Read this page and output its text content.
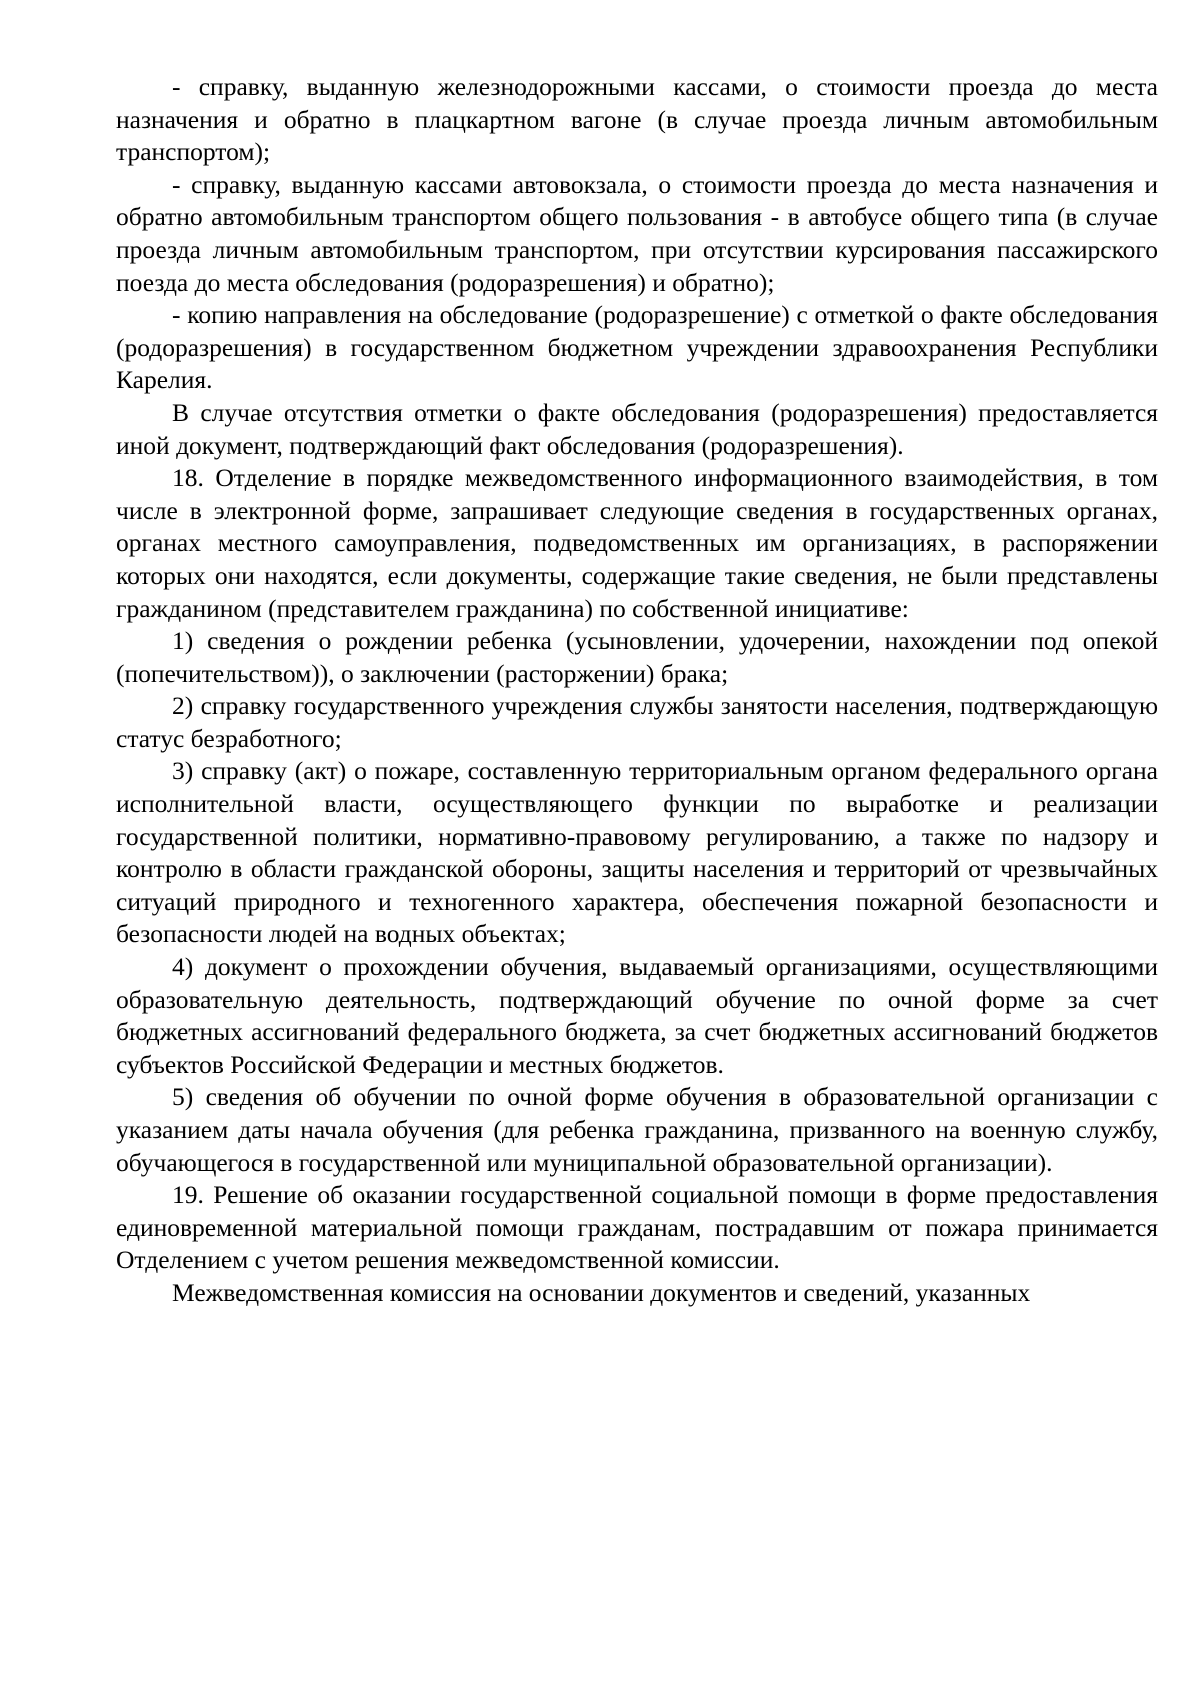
- справку, выданную железнодорожными кассами, о стоимости проезда до места назначения и обратно в плацкартном вагоне (в случае проезда личным автомобильным транспортом);

- справку, выданную кассами автовокзала, о стоимости проезда до места назначения и обратно автомобильным транспортом общего пользования - в автобусе общего типа (в случае проезда личным автомобильным транспортом, при отсутствии курсирования пассажирского поезда до места обследования (родоразрешения) и обратно);

- копию направления на обследование (родоразрешение) с отметкой о факте обследования (родоразрешения) в государственном бюджетном учреждении здравоохранения Республики Карелия.

В случае отсутствия отметки о факте обследования (родоразрешения) предоставляется иной документ, подтверждающий факт обследования (родоразрешения).

18. Отделение в порядке межведомственного информационного взаимодействия, в том числе в электронной форме, запрашивает следующие сведения в государственных органах, органах местного самоуправления, подведомственных им организациях, в распоряжении которых они находятся, если документы, содержащие такие сведения, не были представлены гражданином (представителем гражданина) по собственной инициативе:

1) сведения о рождении ребенка (усыновлении, удочерении, нахождении под опекой (попечительством)), о заключении (расторжении) брака;

2) справку государственного учреждения службы занятости населения, подтверждающую статус безработного;

3) справку (акт) о пожаре, составленную территориальным органом федерального органа исполнительной власти, осуществляющего функции по выработке и реализации государственной политики, нормативно-правовому регулированию, а также по надзору и контролю в области гражданской обороны, защиты населения и территорий от чрезвычайных ситуаций природного и техногенного характера, обеспечения пожарной безопасности и безопасности людей на водных объектах;

4) документ о прохождении обучения, выдаваемый организациями, осуществляющими образовательную деятельность, подтверждающий обучение по очной форме за счет бюджетных ассигнований федерального бюджета, за счет бюджетных ассигнований бюджетов субъектов Российской Федерации и местных бюджетов.

5) сведения об обучении по очной форме обучения в образовательной организации с указанием даты начала обучения (для ребенка гражданина, призванного на военную службу, обучающегося в государственной или муниципальной образовательной организации).

19. Решение об оказании государственной социальной помощи в форме предоставления единовременной материальной помощи гражданам, пострадавшим от пожара принимается Отделением с учетом решения межведомственной комиссии.

Межведомственная комиссия на основании документов и сведений, указанных
